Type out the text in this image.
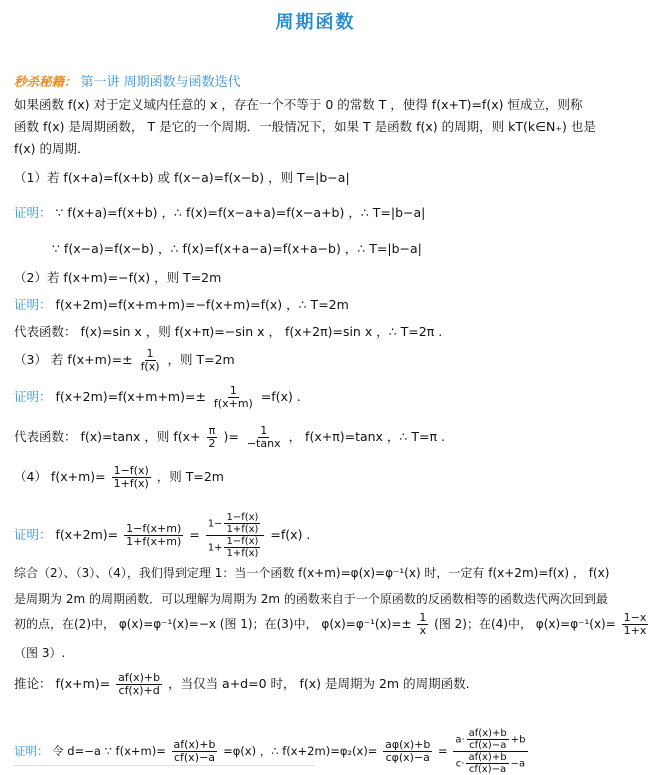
周期函数
秒杀秘籍： 第一讲 周期函数与函数迭代
如果函数 f(x) 对于定义域内任意的 x ，存在一个不等于 0 的常数 T ，使得 f(x+T)=f(x) 恒成立，则称
函数 f(x) 是周期函数， T 是它的一个周期．一般情况下，如果 T 是函数 f(x) 的周期，则 kT(k∈N₊) 也是
f(x) 的周期．
（1）若 f(x+a)=f(x+b) 或 f(x−a)=f(x−b) ，则 T=|b−a|
证明： ∵ f(x+a)=f(x+b) ，∴ f(x)=f(x−a+a)=f(x−a+b) ，∴ T=|b−a|
∵ f(x−a)=f(x−b) ，∴ f(x)=f(x+a−a)=f(x+a−b) ，∴ T=|b−a|
（2）若 f(x+m)=−f(x) ，则 T=2m
证明： f(x+2m)=f(x+m+m)=−f(x+m)=f(x) ，∴ T=2m
代表函数： f(x)=sin x ，则 f(x+π)=−sin x ， f(x+2π)=sin x ，∴ T=2π .
（3） 若 $f(x+m)=\pm \frac{1}{f(x)}$ ，则 T=2m
证明： $f(x+2m)=f(x+m+m)=\pm \frac{1}{f(x+m)} =f(x)$ .
代表函数： f(x)=tanx ，则 $f(x+ \frac{\pi}{2}$ )= $\frac{1}{-\tan x}$ ， f(x+π)=tanx ，∴ T=π .
（4） $f(x+m)= \frac{1-f(x)}{1+f(x)}$ ，则 T=2m
证明： $f(x+2m)= \frac{1-f(x+m)}{1+f(x+m)} = \frac{1- \frac{1-f(x)}{1+f(x)}}{1+ \frac{1-f(x)}{1+f(x)}} =f(x)$ .
综合（2）、（3）、（4），我们得到定理 1：当一个函数 f(x+m)=φ(x)=φ⁻¹(x) 时，一定有 f(x+2m)=f(x) ， f(x)
是周期为 2m 的周期函数．可以理解为周期为 2m 的函数来自于一个原函数的反函数相等的函数迭代两次回到最
初的点，在(2)中， φ(x)=φ⁻¹(x)=−x (图 1)；在(3)中， $\varphi(x)=\varphi^{-1}(x)=\pm \frac{1}{x}$ (图 2)；在(4)中， $\varphi(x)=\varphi^{-1}(x)= \frac{1-x}{1+x}$
（图 3）.
推论： $f(x+m)= \frac{af(x)+b}{cf(x)+d}$ ，当仅当 a+d=0 时， f(x) 是周期为 2m 的周期函数.
证明： 令 d=−a ∵ $f(x+m)= \frac{af(x)+b}{cf(x)-a} =\varphi(x)$ ，∴ $f(x+2m)=\varphi_2(x)= \frac{a\varphi(x)+b}{c\varphi(x)-a} = \frac{a\cdot \frac{af(x)+b}{cf(x)-a} +b}{c\cdot \frac{af(x)+b}{cf(x)-a} -a}$
